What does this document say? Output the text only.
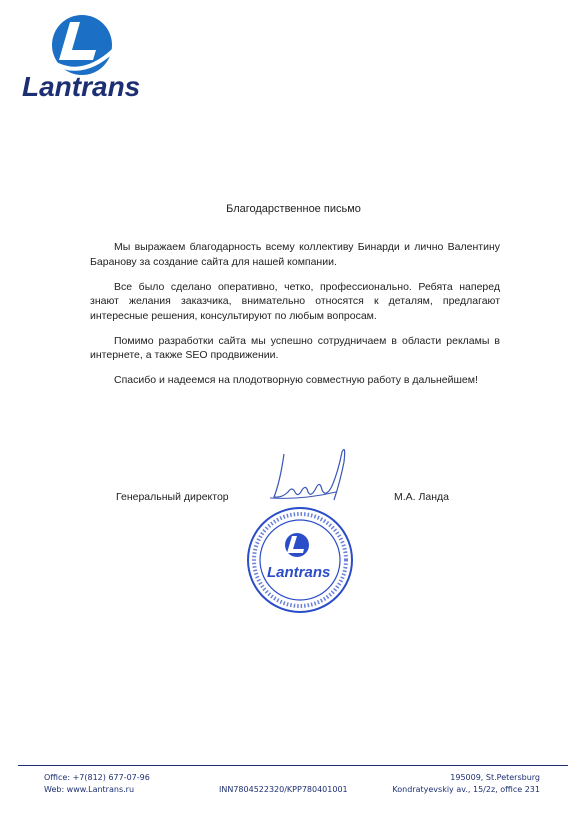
Lantrans
Благодарственное письмо

Мы выражаем благодарность всему коллективу Бинарди и лично Валентину Баранову за создание сайта для нашей компании.

Все было сделано оперативно, четко, профессионально. Ребята наперед знают желания заказчика, внимательно относятся к деталям, предлагают интересные решения, консультируют по любым вопросам.

Помимо разработки сайта мы успешно сотрудничаем в области рекламы в интернете, а также SEO продвижении.

Спасибо и надеемся на плодотворную совместную работу в дальнейшем!

Генеральный директор	М.А. Ланда
Lantrans
Office: +7(812) 677-07-96
Web: www.Lantrans.ru	INN7804522320/KPP780401001
195009, St.Petersburg
Kondratyevskiy av., 15/2z, office 231
